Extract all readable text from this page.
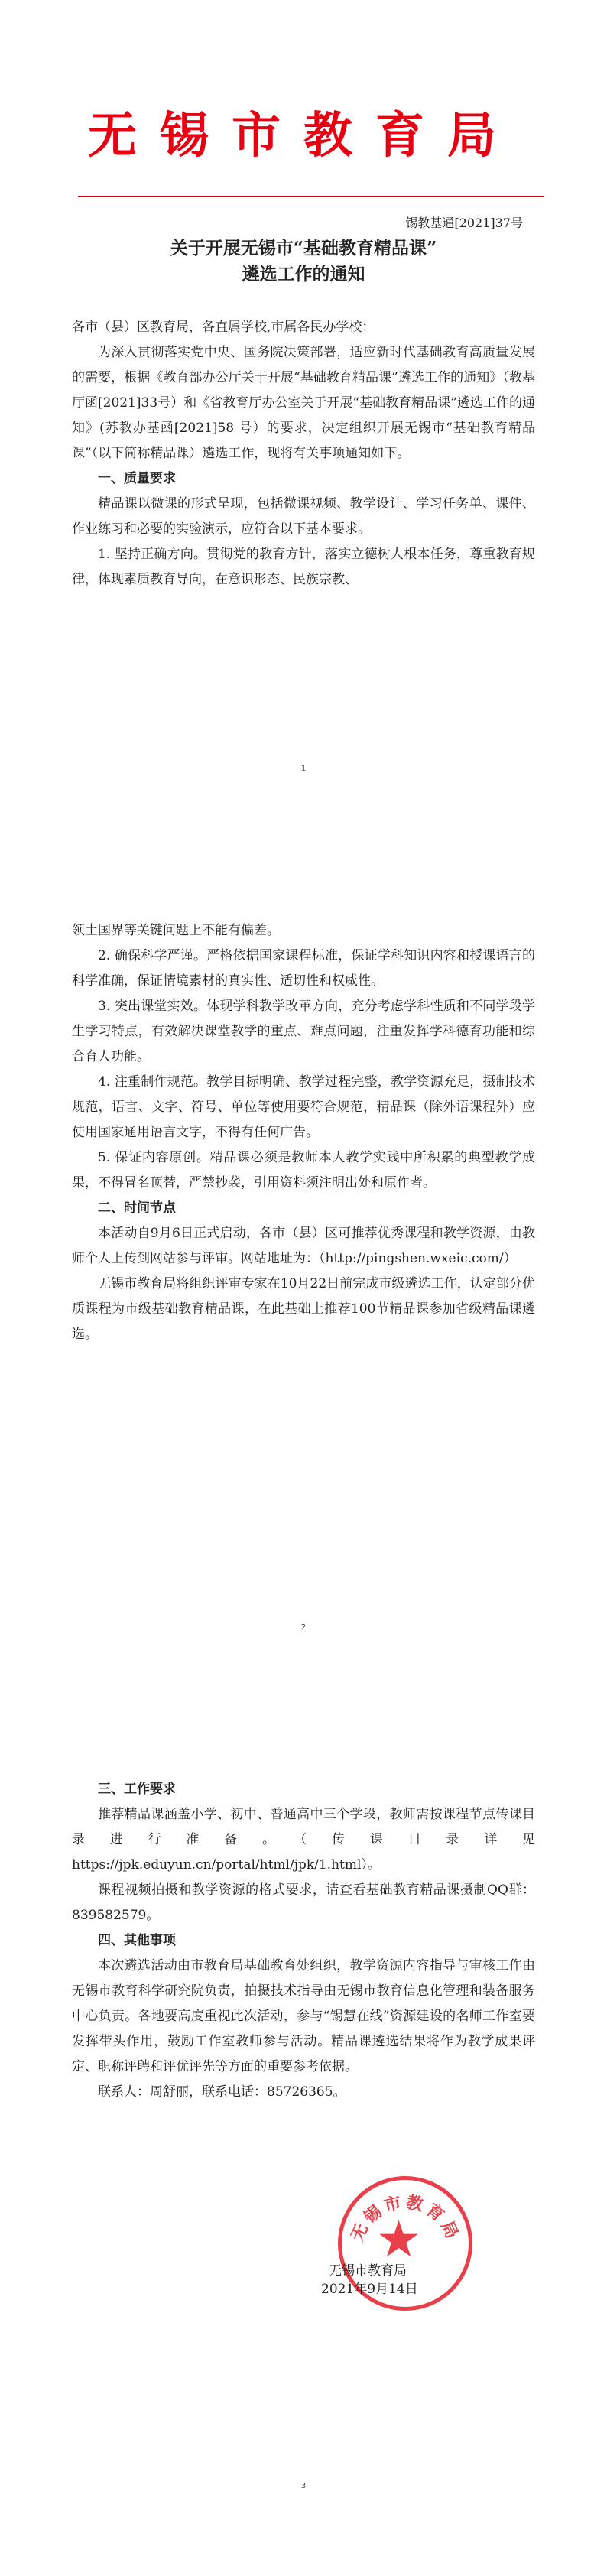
无锡市教育局
锡教基通[2021]37号
关于开展无锡市“基础教育精品课”
遴选工作的通知

各市（县）区教育局，各直属学校,市属各民办学校：

为深入贯彻落实党中央、国务院决策部署，适应新时代基础教育高质量发展的需要，根据《教育部办公厅关于开展“基础教育精品课”遴选工作的通知》（教基厅函[2021]33号）和《省教育厅办公室关于开展“基础教育精品课”遴选工作的通知》(苏教办基函[2021]58 号）的要求，决定组织开展无锡市“基础教育精品课”（以下简称精品课）遴选工作，现将有关事项通知如下。

一、质量要求

精品课以微课的形式呈现，包括微课视频、教学设计、学习任务单、课件、作业练习和必要的实验演示，应符合以下基本要求。

1. 坚持正确方向。贯彻党的教育方针，落实立德树人根本任务，尊重教育规律，体现素质教育导向，在意识形态、民族宗教、

1

领土国界等关键问题上不能有偏差。

2. 确保科学严谨。严格依据国家课程标准，保证学科知识内容和授课语言的科学准确，保证情境素材的真实性、适切性和权威性。

3. 突出课堂实效。体现学科教学改革方向，充分考虑学科性质和不同学段学生学习特点，有效解决课堂教学的重点、难点问题，注重发挥学科德育功能和综合育人功能。

4. 注重制作规范。教学目标明确、教学过程完整，教学资源充足，摄制技术规范，语言、文字、符号、单位等使用要符合规范，精品课（除外语课程外）应使用国家通用语言文字，不得有任何广告。

5. 保证内容原创。精品课必须是教师本人教学实践中所积累的典型教学成果，不得冒名顶替，严禁抄袭，引用资料须注明出处和原作者。

二、时间节点

本活动自9月6日正式启动，各市（县）区可推荐优秀课程和教学资源，由教师个人上传到网站参与评审。网站地址为：（http://pingshen.wxeic.com/）

无锡市教育局将组织评审专家在10月22日前完成市级遴选工作，认定部分优质课程为市级基础教育精品课，在此基础上推荐100节精品课参加省级精品课遴选。

2

三、工作要求

推荐精品课涵盖小学、初中、普通高中三个学段，教师需按课程节点传课目录进行准备。（传课目录详见https://jpk.eduyun.cn/portal/html/jpk/1.html）。

课程视频拍摄和教学资源的格式要求，请查看基础教育精品课摄制QQ群：839582579。

四、其他事项

本次遴选活动由市教育局基础教育处组织，教学资源内容指导与审核工作由无锡市教育科学研究院负责，拍摄技术指导由无锡市教育信息化管理和装备服务中心负责。各地要高度重视此次活动，参与“锡慧在线”资源建设的名师工作室要发挥带头作用，鼓励工作室教师参与活动。精品课遴选结果将作为教学成果评定、职称评聘和评优评先等方面的重要参考依据。

联系人：周舒丽，联系电话：85726365。

无锡市教育局
★
无锡市教育局
2021年9月14日
3
